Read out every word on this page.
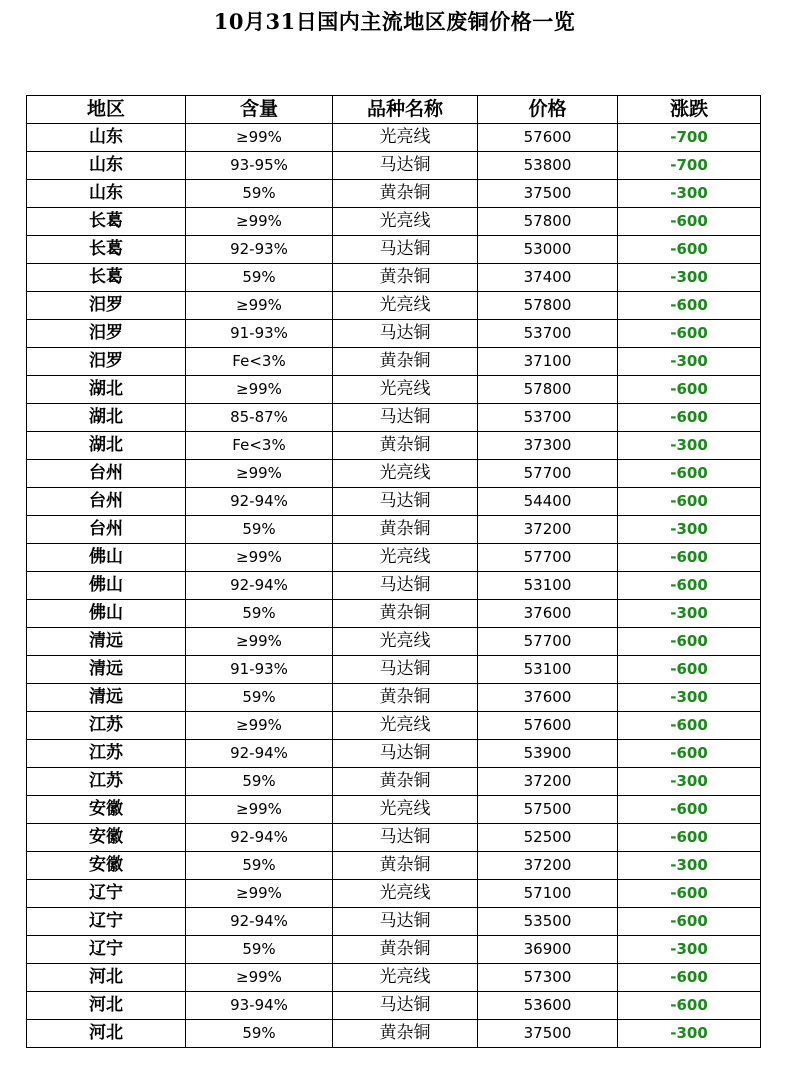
10月31日国内主流地区废铜价格一览
地区	含量	品种名称	价格	涨跌
山东	≥99%	光亮线	57600	-700
山东	93-95%	马达铜	53800	-700
山东	59%	黄杂铜	37500	-300
长葛	≥99%	光亮线	57800	-600
长葛	92-93%	马达铜	53000	-600
长葛	59%	黄杂铜	37400	-300
汨罗	≥99%	光亮线	57800	-600
汨罗	91-93%	马达铜	53700	-600
汨罗	Fe<3%	黄杂铜	37100	-300
湖北	≥99%	光亮线	57800	-600
湖北	85-87%	马达铜	53700	-600
湖北	Fe<3%	黄杂铜	37300	-300
台州	≥99%	光亮线	57700	-600
台州	92-94%	马达铜	54400	-600
台州	59%	黄杂铜	37200	-300
佛山	≥99%	光亮线	57700	-600
佛山	92-94%	马达铜	53100	-600
佛山	59%	黄杂铜	37600	-300
清远	≥99%	光亮线	57700	-600
清远	91-93%	马达铜	53100	-600
清远	59%	黄杂铜	37600	-300
江苏	≥99%	光亮线	57600	-600
江苏	92-94%	马达铜	53900	-600
江苏	59%	黄杂铜	37200	-300
安徽	≥99%	光亮线	57500	-600
安徽	92-94%	马达铜	52500	-600
安徽	59%	黄杂铜	37200	-300
辽宁	≥99%	光亮线	57100	-600
辽宁	92-94%	马达铜	53500	-600
辽宁	59%	黄杂铜	36900	-300
河北	≥99%	光亮线	57300	-600
河北	93-94%	马达铜	53600	-600
河北	59%	黄杂铜	37500	-300
